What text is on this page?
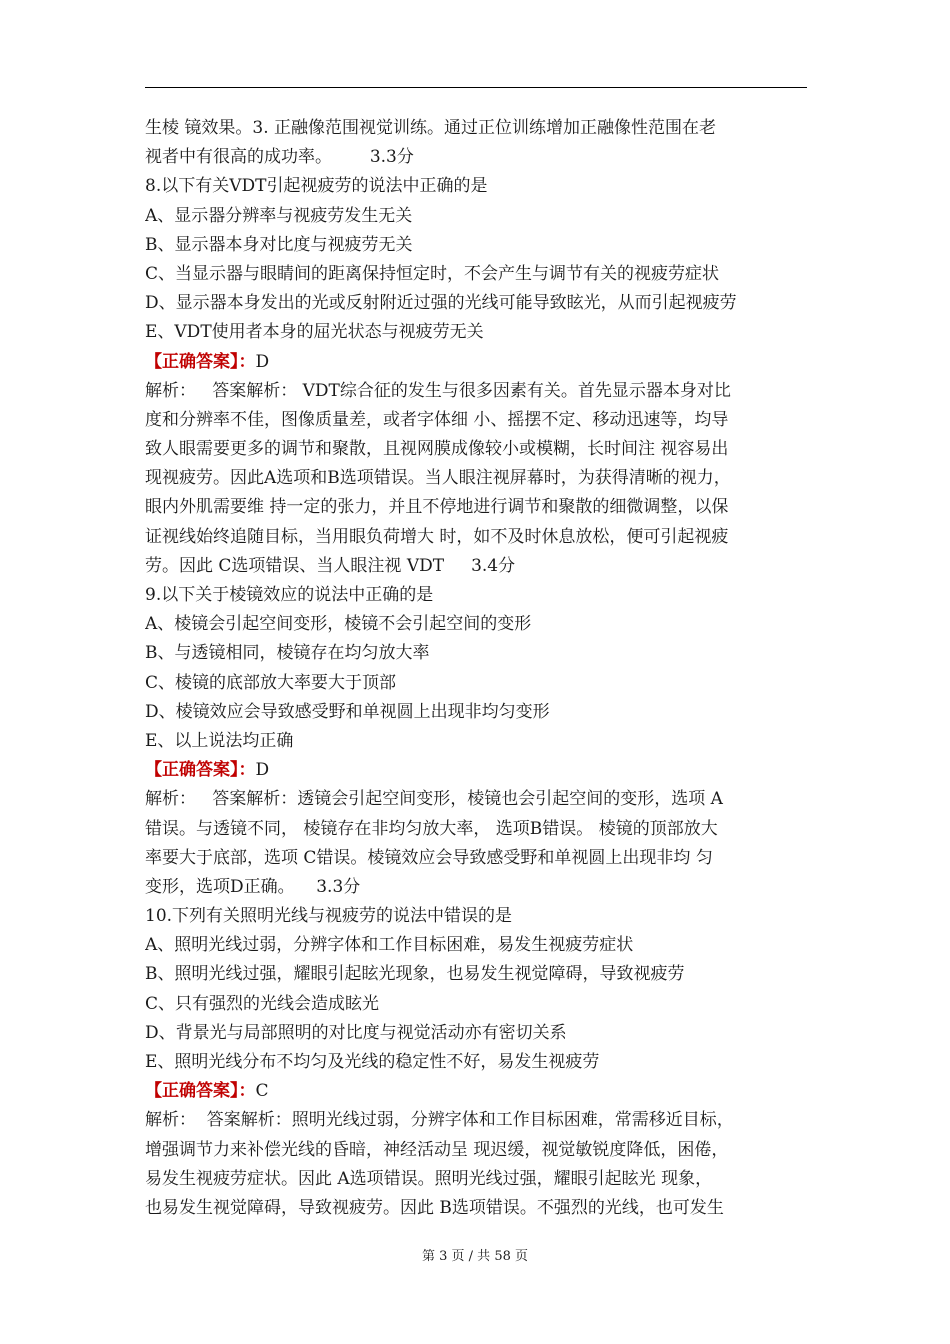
生棱 镜效果。3. 正融像范围视觉训练。通过正位训练增加正融像性范围在老
视者中有很高的成功率。       3.3分
8.以下有关VDT引起视疲劳的说法中正确的是
A、显示器分辨率与视疲劳发生无关
B、显示器本身对比度与视疲劳无关
C、当显示器与眼睛间的距离保持恒定时，不会产生与调节有关的视疲劳症状
D、显示器本身发出的光或反射附近过强的光线可能导致眩光，从而引起视疲劳
E、VDT使用者本身的屈光状态与视疲劳无关
【正确答案】：D
解析：   答案解析： VDT综合征的发生与很多因素有关。首先显示器本身对比
度和分辨率不佳，图像质量差，或者字体细 小、摇摆不定、移动迅速等，均导
致人眼需要更多的调节和聚散，且视网膜成像较小或模糊，长时间注 视容易出
现视疲劳。因此A选项和B选项错误。当人眼注视屏幕时，为获得清晰的视力，
眼内外肌需要维 持一定的张力，并且不停地进行调节和聚散的细微调整，以保
证视线始终追随目标，当用眼负荷增大 时，如不及时休息放松，便可引起视疲
劳。因此 C选项错误、当人眼注视 VDT     3.4分
9.以下关于棱镜效应的说法中正确的是
A、棱镜会引起空间变形，棱镜不会引起空间的变形
B、与透镜相同，棱镜存在均匀放大率
C、棱镜的底部放大率要大于顶部
D、棱镜效应会导致感受野和单视圆上出现非均匀变形
E、以上说法均正确
【正确答案】：D
解析：   答案解析：透镜会引起空间变形，棱镜也会引起空间的变形，选项 A
错误。与透镜不同， 棱镜存在非均匀放大率， 选项B错误。 棱镜的顶部放大
率要大于底部，选项 C错误。棱镜效应会导致感受野和单视圆上出现非均 匀
变形，选项D正确。    3.3分
10.下列有关照明光线与视疲劳的说法中错误的是
A、照明光线过弱，分辨字体和工作目标困难，易发生视疲劳症状
B、照明光线过强，耀眼引起眩光现象，也易发生视觉障碍，导致视疲劳
C、只有强烈的光线会造成眩光
D、背景光与局部照明的对比度与视觉活动亦有密切关系
E、照明光线分布不均匀及光线的稳定性不好，易发生视疲劳
【正确答案】：C
解析：  答案解析：照明光线过弱，分辨字体和工作目标困难，常需移近目标，
增强调节力来补偿光线的昏暗，神经活动呈 现迟缓，视觉敏锐度降低，困倦，
易发生视疲劳症状。因此 A选项错误。照明光线过强，耀眼引起眩光 现象，
也易发生视觉障碍，导致视疲劳。因此 B选项错误。不强烈的光线，也可发生
第 3 页 / 共 58 页
